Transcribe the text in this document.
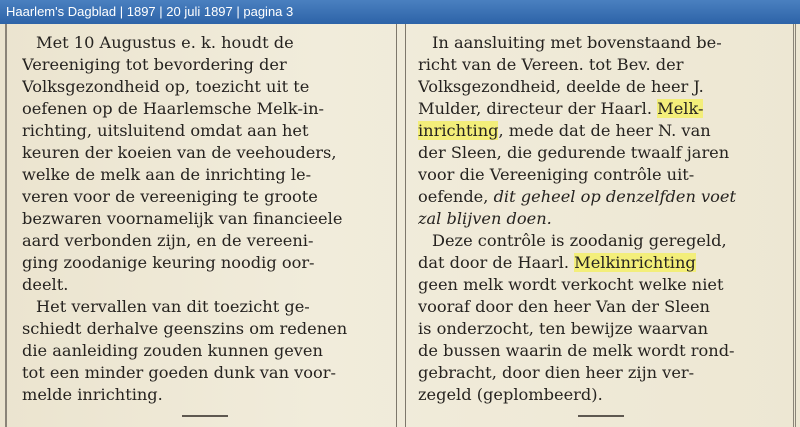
Haarlem's Dagblad | 1897 | 20 juli 1897 | pagina 3
Met 10 Augustus e. k. houdt de
Vereeniging tot bevordering der
Volksgezondheid op, toezicht uit te
oefenen op de Haarlemsche Melk-in-
richting, uitsluitend omdat aan het
keuren der koeien van de veehouders,
welke de melk aan de inrichting le-
veren voor de vereeniging te groote
bezwaren voornamelijk van financieele
aard verbonden zijn, en de vereeni-
ging zoodanige keuring noodig oor-
deelt.
Het vervallen van dit toezicht ge-
schiedt derhalve geenszins om redenen
die aanleiding zouden kunnen geven
tot een minder goeden dunk van voor-
melde inrichting.
In aansluiting met bovenstaand be-
richt van de Vereen. tot Bev. der
Volksgezondheid, deelde de heer J.
Mulder, directeur der Haarl. Melk-
inrichting, mede dat de heer N. van
der Sleen, die gedurende twaalf jaren
voor die Vereeniging contrôle uit-
oefende, dit geheel op denzelfden voet
zal blijven doen.
Deze contrôle is zoodanig geregeld,
dat door de Haarl. Melkinrichting
geen melk wordt verkocht welke niet
vooraf door den heer Van der Sleen
is onderzocht, ten bewijze waarvan
de bussen waarin de melk wordt rond-
gebracht, door dien heer zijn ver-
zegeld (geplombeerd).
